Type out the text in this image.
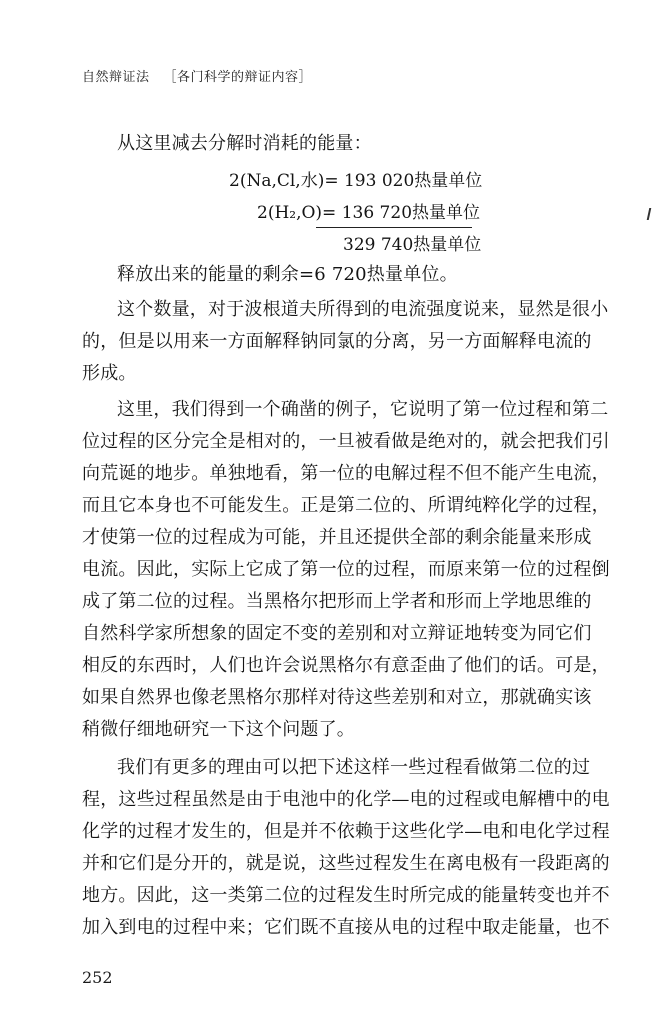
自然辩证法 ［各门科学的辩证内容］
从这里减去分解时消耗的能量：
2(Na,Cl,水)= 193 020热量单位
2(H₂,O)= 136 720热量单位
329 740热量单位
释放出来的能量的剩余=6 720热量单位。
这个数量，对于波根道夫所得到的电流强度说来，显然是很小
的，但是以用来一方面解释钠同氯的分离，另一方面解释电流的
形成。
这里，我们得到一个确凿的例子，它说明了第一位过程和第二
位过程的区分完全是相对的，一旦被看做是绝对的，就会把我们引
向荒诞的地步。单独地看，第一位的电解过程不但不能产生电流，
而且它本身也不可能发生。正是第二位的、所谓纯粹化学的过程，
才使第一位的过程成为可能，并且还提供全部的剩余能量来形成
电流。因此，实际上它成了第一位的过程，而原来第一位的过程倒
成了第二位的过程。当黑格尔把形而上学者和形而上学地思维的
自然科学家所想象的固定不变的差别和对立辩证地转变为同它们
相反的东西时，人们也许会说黑格尔有意歪曲了他们的话。可是，
如果自然界也像老黑格尔那样对待这些差别和对立，那就确实该
稍微仔细地研究一下这个问题了。
我们有更多的理由可以把下述这样一些过程看做第二位的过
程，这些过程虽然是由于电池中的化学—电的过程或电解槽中的电
化学的过程才发生的，但是并不依赖于这些化学—电和电化学过程
并和它们是分开的，就是说，这些过程发生在离电极有一段距离的
地方。因此，这一类第二位的过程发生时所完成的能量转变也并不
加入到电的过程中来；它们既不直接从电的过程中取走能量，也不
252
